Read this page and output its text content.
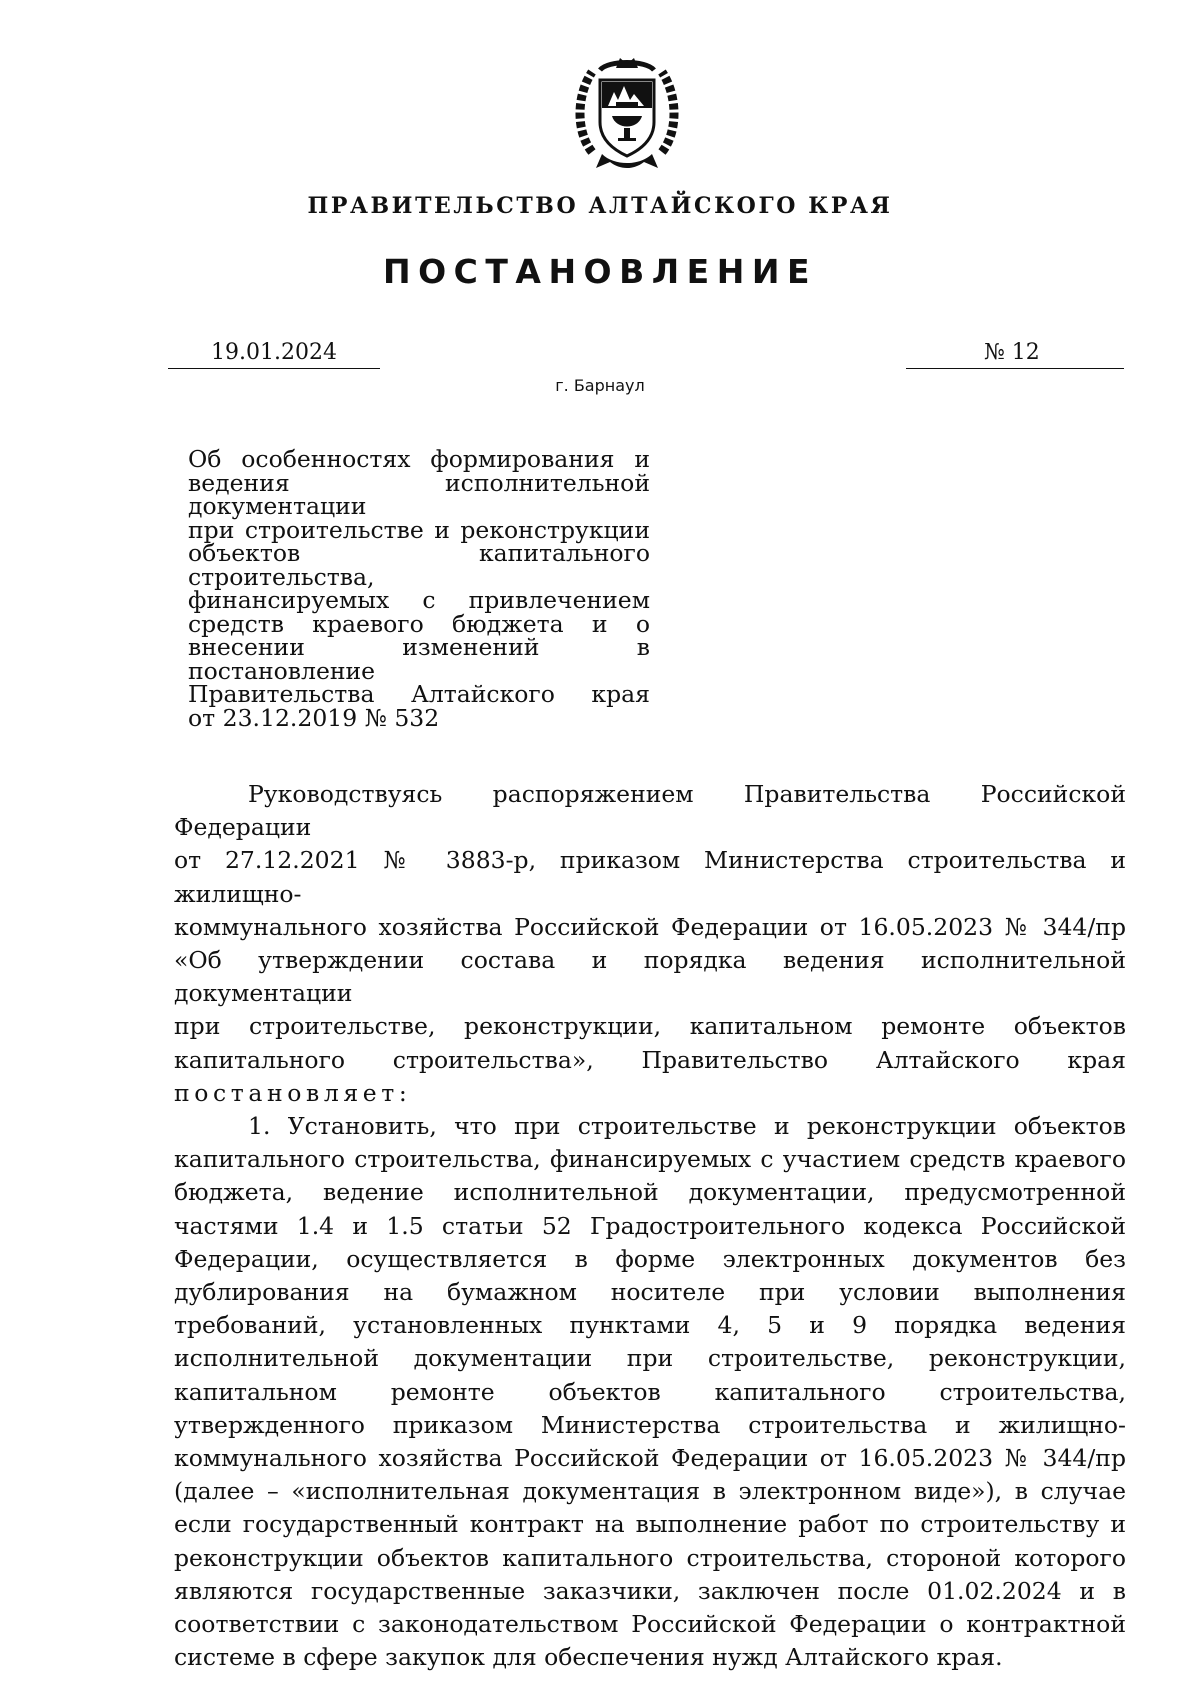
ПРАВИТЕЛЬСТВО АЛТАЙСКОГО КРАЯ
ПОСТАНОВЛЕНИЕ
19.01.2024	№ 12
г. Барнаул
Об особенностях формирования и
ведения исполнительной документации
при строительстве и реконструкции
объектов капитального строительства,
финансируемых с привлечением
средств краевого бюджета и о
внесении изменений в постановление
Правительства Алтайского края
от 23.12.2019 № 532
Руководствуясь распоряжением Правительства Российской Федерации
от 27.12.2021 № 3883-р, приказом Министерства строительства и жилищно-
коммунального хозяйства Российской Федерации от 16.05.2023 № 344/пр
«Об утверждении состава и порядка ведения исполнительной документации
при строительстве, реконструкции, капитальном ремонте объектов
капитального строительства», Правительство Алтайского края
постановляет:

1. Установить, что при строительстве и реконструкции объектов капитального строительства, финансируемых с участием средств краевого бюджета, ведение исполнительной документации, предусмотренной частями 1.4 и 1.5 статьи 52 Градостроительного кодекса Российской Федерации, осуществляется в форме электронных документов без дублирования на бумажном носителе при условии выполнения требований, установленных пунктами 4, 5 и 9 порядка ведения исполнительной документации при строительстве, реконструкции, капитальном ремонте объектов капитального строительства, утвержденного приказом Министерства строительства и жилищно-коммунального хозяйства Российской Федерации от 16.05.2023 № 344/пр (далее – «исполнительная документация в электронном виде»), в случае если государственный контракт на выполнение работ по строительству и реконструкции объектов капитального строительства, стороной которого являются государственные заказчики, заключен после 01.02.2024 и в соответствии с законодательством Российской Федерации о контрактной системе в сфере закупок для обеспечения нужд Алтайского края.
